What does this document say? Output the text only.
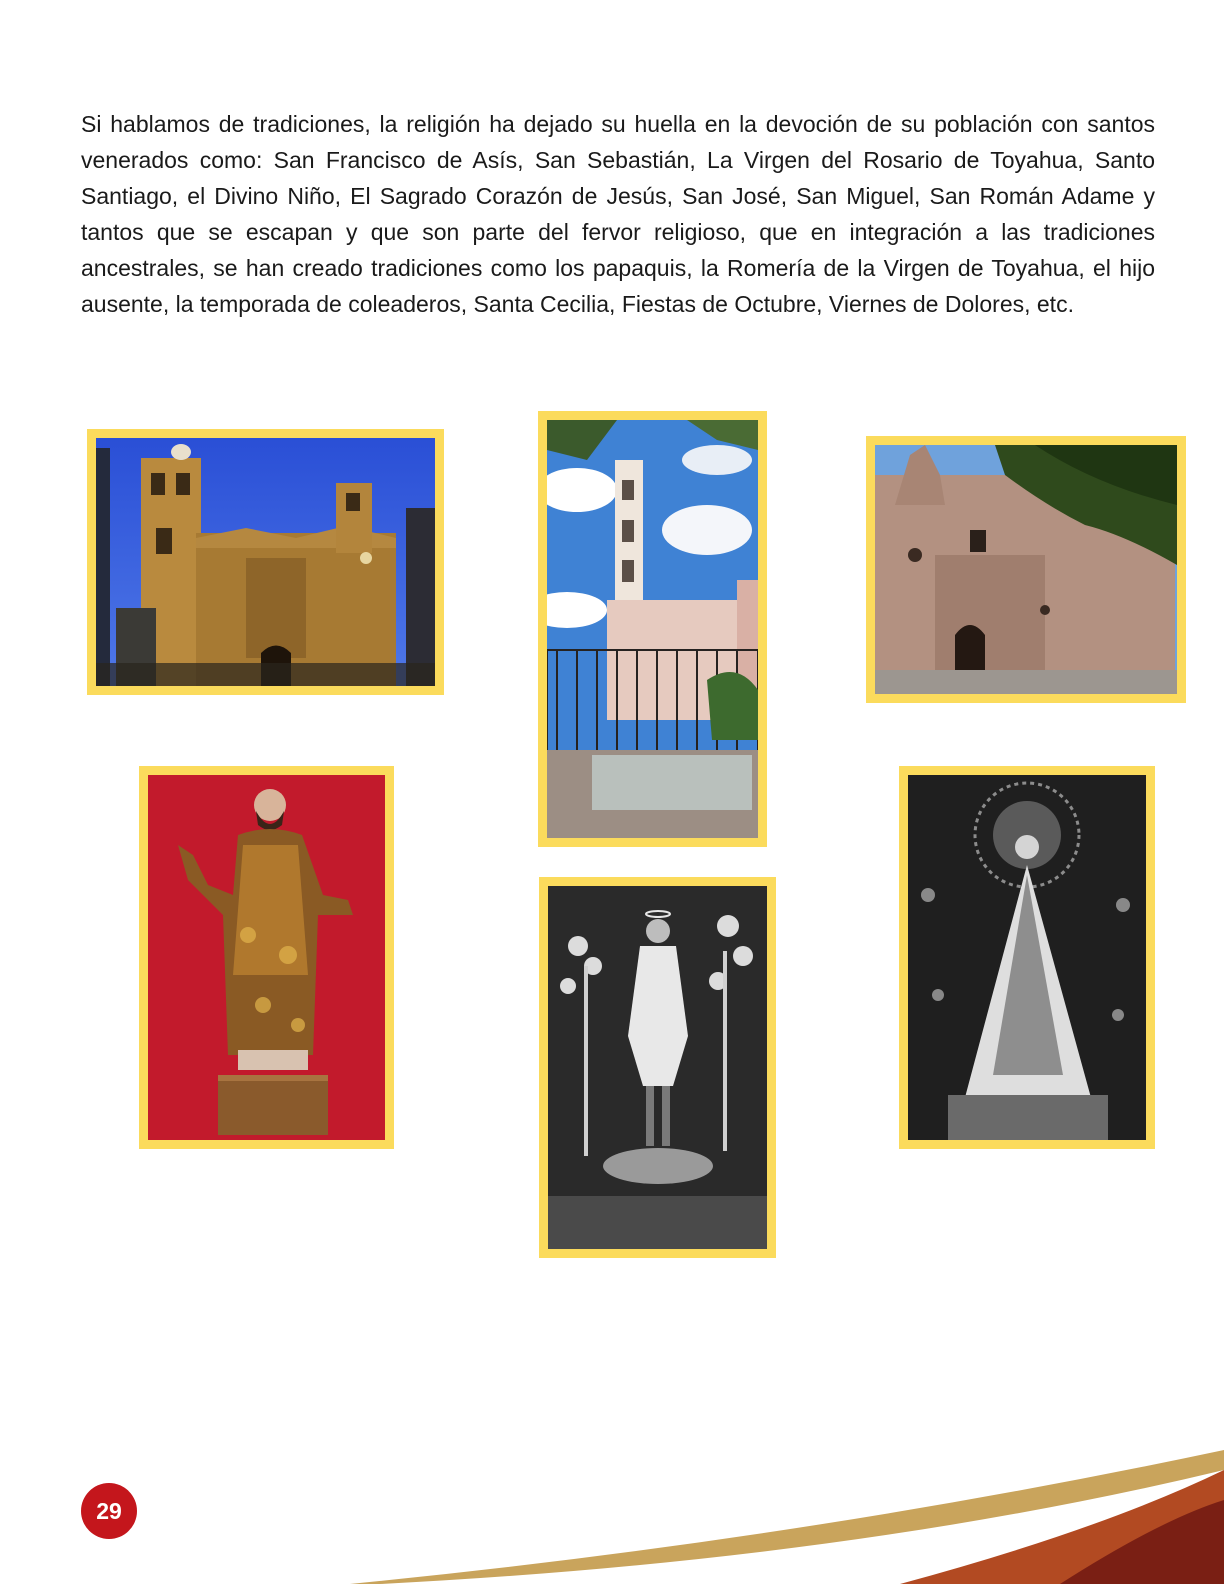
Si hablamos de tradiciones, la religión ha dejado su huella en la devoción de su población con santos venerados como: San Francisco de Asís, San Sebastián, La Virgen del Rosario de Toyahua, Santo Santiago, el Divino Niño, El Sagrado Corazón de Jesús, San José, San Miguel, San Román Adame y tantos que se escapan y que son parte del fervor religioso, que en integración a las tradiciones ancestrales, se han creado tradiciones como los papaquis, la Romería de la Virgen de Toyahua, el hijo ausente, la temporada de coleaderos, Santa Cecilia, Fiestas de Octubre, Viernes de Dolores, etc.

29
